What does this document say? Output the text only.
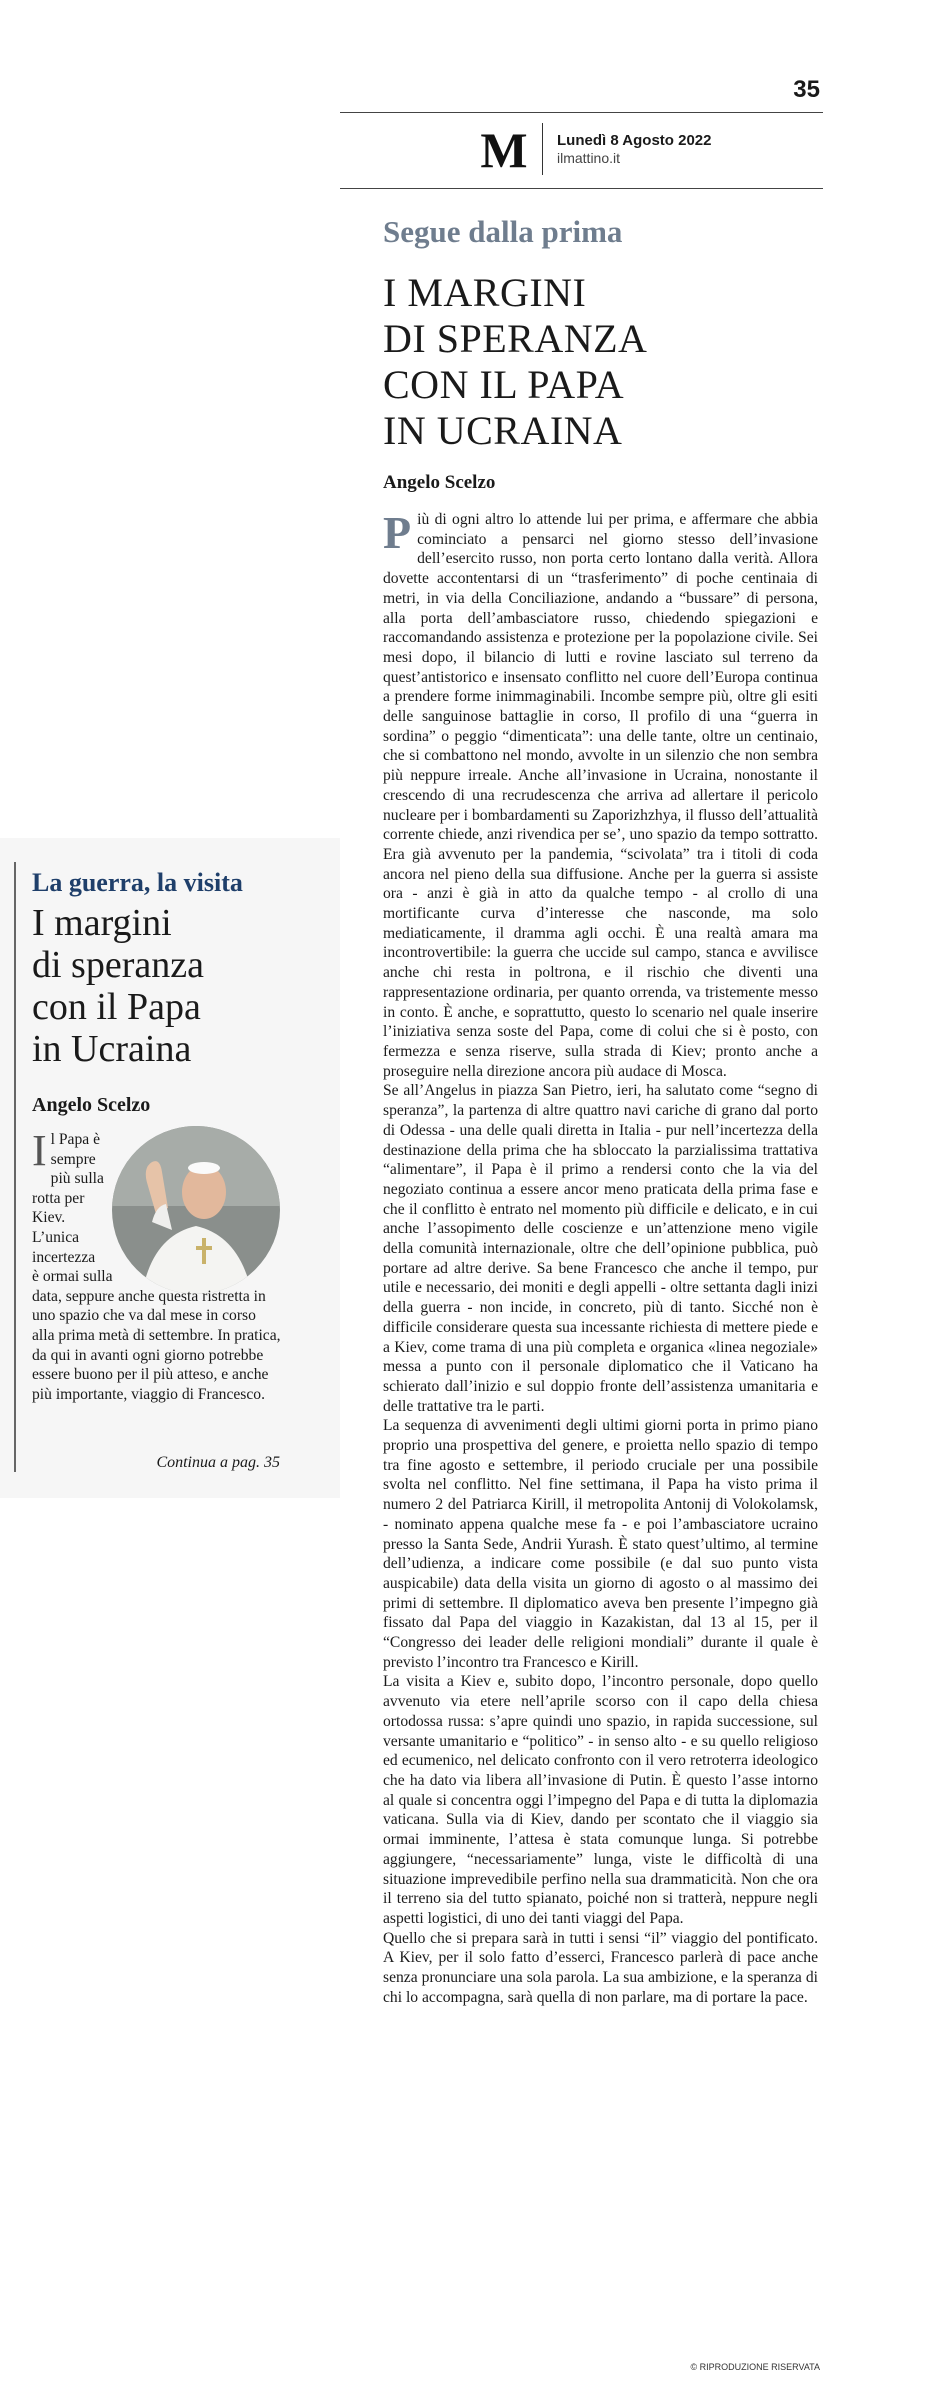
35
M Lunedì 8 Agosto 2022
ilmattino.it
Segue dalla prima
I MARGINI
DI SPERANZA
CON IL PAPA
IN UCRAINA
Angelo Scelzo
P iù di ogni altro lo attende lui per prima, e affermare che abbia cominciato a pensarci nel giorno stesso dell’invasione dell’esercito russo, non porta certo lontano dalla verità. Allora dovette accontentarsi di un “trasferimento” di poche centinaia di metri, in via della Conciliazione, andando a “bussare” di persona, alla porta dell’ambasciatore russo, chiedendo spiegazioni e raccomandando assistenza e protezione per la popolazione civile. Sei mesi dopo, il bilancio di lutti e rovine lasciato sul terreno da quest’antistorico e insensato conflitto nel cuore dell’Europa continua a prendere forme inimmaginabili. Incombe sempre più, oltre gli esiti delle sanguinose battaglie in corso, Il profilo di una “guerra in sordina” o peggio “dimenticata”: una delle tante, oltre un centinaio, che si combattono nel mondo, avvolte in un silenzio che non sembra più neppure irreale. Anche all’invasione in Ucraina, nonostante il crescendo di una recrudescenza che arriva ad allertare il pericolo nucleare per i bombardamenti su Zaporizhzhya, il flusso dell’attualità corrente chiede, anzi rivendica per se’, uno spazio da tempo sottratto. Era già avvenuto per la pandemia, “scivolata” tra i titoli di coda ancora nel pieno della sua diffusione. Anche per la guerra si assiste ora - anzi è già in atto da qualche tempo - al crollo di una mortificante curva d’interesse che nasconde, ma solo mediaticamente, il dramma agli occhi. È una realtà amara ma incontrovertibile: la guerra che uccide sul campo, stanca e avvilisce anche chi resta in poltrona, e il rischio che diventi una rappresentazione ordinaria, per quanto orrenda, va tristemente messo in conto. È anche, e soprattutto, questo lo scenario nel quale inserire l’iniziativa senza soste del Papa, come di colui che si è posto, con fermezza e senza riserve, sulla strada di Kiev; pronto anche a proseguire nella direzione ancora più audace di Mosca.

Se all’Angelus in piazza San Pietro, ieri, ha salutato come “segno di speranza”, la partenza di altre quattro navi cariche di grano dal porto di Odessa - una delle quali diretta in Italia - pur nell’incertezza della destinazione della prima che ha sbloccato la parzialissima trattativa “alimentare”, il Papa è il primo a rendersi conto che la via del negoziato continua a essere ancor meno praticata della prima fase e che il conflitto è entrato nel momento più difficile e delicato, e in cui anche l’assopimento delle coscienze e un’attenzione meno vigile della comunità internazionale, oltre che dell’opinione pubblica, può portare ad altre derive. Sa bene Francesco che anche il tempo, pur utile e necessario, dei moniti e degli appelli - oltre settanta dagli inizi della guerra - non incide, in concreto, più di tanto. Sicché non è difficile considerare questa sua incessante richiesta di mettere piede e a Kiev, come trama di una più completa e organica «linea negoziale» messa a punto con il personale diplomatico che il Vaticano ha schierato dall’inizio e sul doppio fronte dell’assistenza umanitaria e delle trattative tra le parti.

La sequenza di avvenimenti degli ultimi giorni porta in primo piano proprio una prospettiva del genere, e proietta nello spazio di tempo tra fine agosto e settembre, il periodo cruciale per una possibile svolta nel conflitto. Nel fine settimana, il Papa ha visto prima il numero 2 del Patriarca Kirill, il metropolita Antonij di Volokolamsk, - nominato appena qualche mese fa - e poi l’ambasciatore ucraino presso la Santa Sede, Andrii Yurash. È stato quest’ultimo, al termine dell’udienza, a indicare come possibile (e dal suo punto vista auspicabile) data della visita un giorno di agosto o al massimo dei primi di settembre. Il diplomatico aveva ben presente l’impegno già fissato dal Papa del viaggio in Kazakistan, dal 13 al 15, per il “Congresso dei leader delle religioni mondiali” durante il quale è previsto l’incontro tra Francesco e Kirill.

La visita a Kiev e, subito dopo, l’incontro personale, dopo quello avvenuto via etere nell’aprile scorso con il capo della chiesa ortodossa russa: s’apre quindi uno spazio, in rapida successione, sul versante umanitario e “politico” - in senso alto - e su quello religioso ed ecumenico, nel delicato confronto con il vero retroterra ideologico che ha dato via libera all’invasione di Putin. È questo l’asse intorno al quale si concentra oggi l’impegno del Papa e di tutta la diplomazia vaticana. Sulla via di Kiev, dando per scontato che il viaggio sia ormai imminente, l’attesa è stata comunque lunga. Si potrebbe aggiungere, “necessariamente” lunga, viste le difficoltà di una situazione imprevedibile perfino nella sua drammaticità. Non che ora il terreno sia del tutto spianato, poiché non si tratterà, neppure negli aspetti logistici, di uno dei tanti viaggi del Papa.

Quello che si prepara sarà in tutti i sensi “il” viaggio del pontificato. A Kiev, per il solo fatto d’esserci, Francesco parlerà di pace anche senza pronunciare una sola parola. La sua ambizione, e la speranza di chi lo accompagna, sarà quella di non parlare, ma di portare la pace.

© RIPRODUZIONE RISERVATA
La guerra, la visita
I margini
di speranza
con il Papa
in Ucraina
Angelo Scelzo
I l Papa è
sempre
più sulla
rotta per
Kiev.
L’unica
incertezza
è ormai sulla
data, seppure anche questa ristretta in uno spazio che va dal mese in corso alla prima metà di settembre. In pratica, da qui in avanti ogni giorno potrebbe essere buono per il più atteso, e anche più importante, viaggio di Francesco.
Continua a pag. 35
